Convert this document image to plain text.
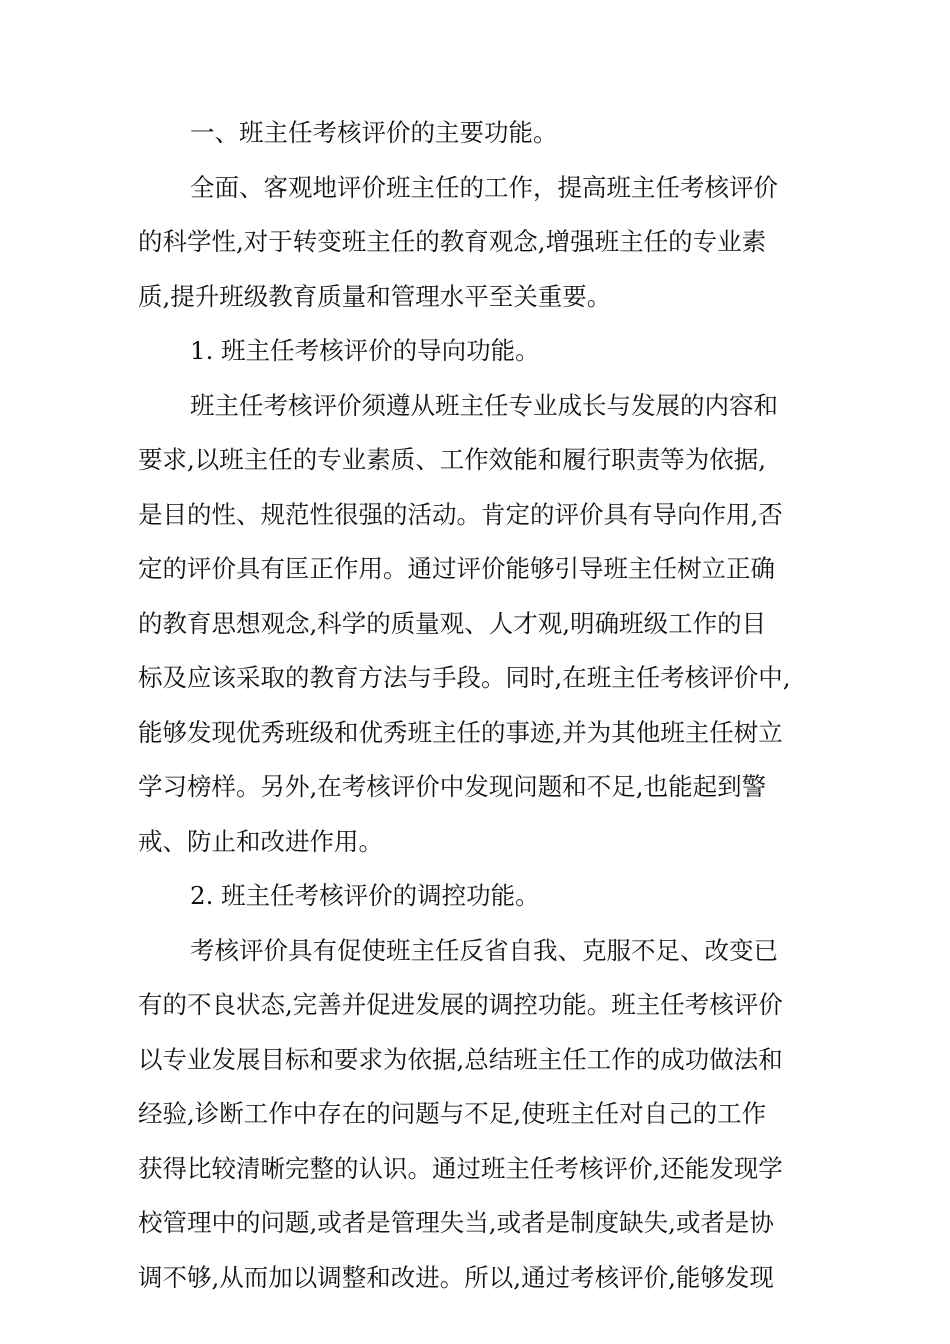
一、班主任考核评价的主要功能。
全面、客观地评价班主任的工作，提高班主任考核评价
的科学性,对于转变班主任的教育观念,增强班主任的专业素
质,提升班级教育质量和管理水平至关重要。
1. 班主任考核评价的导向功能。
班主任考核评价须遵从班主任专业成长与发展的内容和
要求,以班主任的专业素质、工作效能和履行职责等为依据,
是目的性、规范性很强的活动。肯定的评价具有导向作用,否
定的评价具有匡正作用。通过评价能够引导班主任树立正确
的教育思想观念,科学的质量观、人才观,明确班级工作的目
标及应该采取的教育方法与手段。同时,在班主任考核评价中,
能够发现优秀班级和优秀班主任的事迹,并为其他班主任树立
学习榜样。另外,在考核评价中发现问题和不足,也能起到警
戒、防止和改进作用。
2. 班主任考核评价的调控功能。
考核评价具有促使班主任反省自我、克服不足、改变已
有的不良状态,完善并促进发展的调控功能。班主任考核评价
以专业发展目标和要求为依据,总结班主任工作的成功做法和
经验,诊断工作中存在的问题与不足,使班主任对自己的工作
获得比较清晰完整的认识。通过班主任考核评价,还能发现学
校管理中的问题,或者是管理失当,或者是制度缺失,或者是协
调不够,从而加以调整和改进。所以,通过考核评价,能够发现
